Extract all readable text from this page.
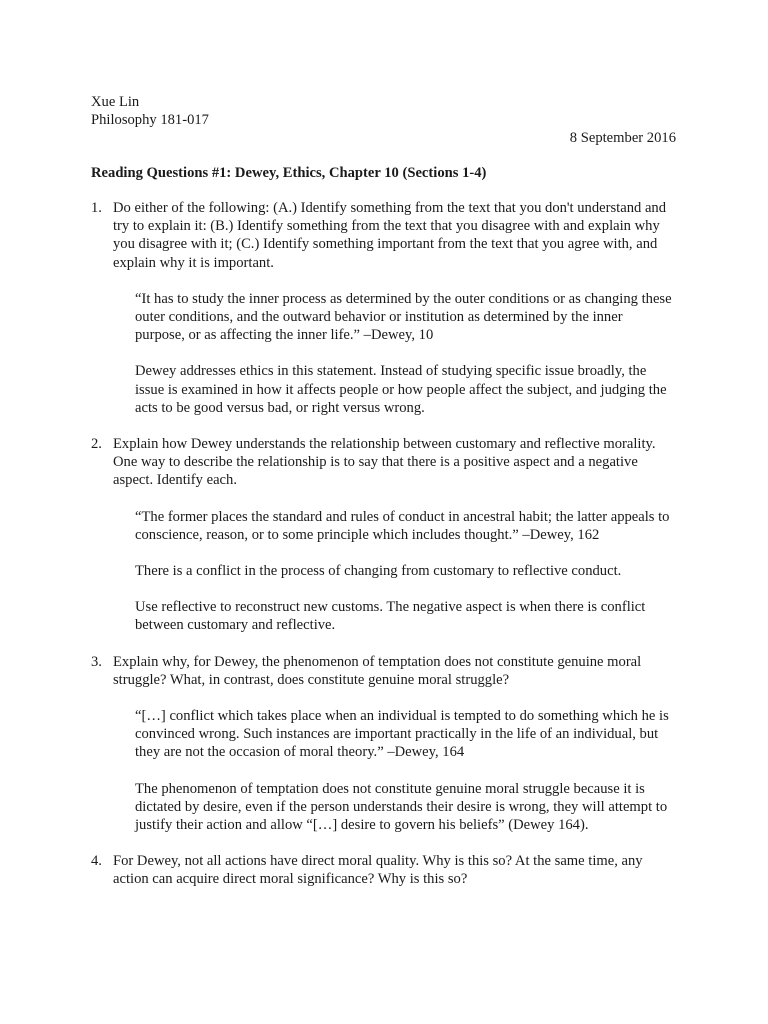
Xue Lin
Philosophy 181-017
8 September 2016
Reading Questions #1: Dewey, Ethics, Chapter 10 (Sections 1-4)
1. Do either of the following: (A.) Identify something from the text that you don't understand and try to explain it: (B.) Identify something from the text that you disagree with and explain why you disagree with it; (C.) Identify something important from the text that you agree with, and explain why it is important.

“It has to study the inner process as determined by the outer conditions or as changing these outer conditions, and the outward behavior or institution as determined by the inner purpose, or as affecting the inner life.” –Dewey, 10

Dewey addresses ethics in this statement. Instead of studying specific issue broadly, the issue is examined in how it affects people or how people affect the subject, and judging the acts to be good versus bad, or right versus wrong.

2. Explain how Dewey understands the relationship between customary and reflective morality. One way to describe the relationship is to say that there is a positive aspect and a negative aspect. Identify each.

“The former places the standard and rules of conduct in ancestral habit; the latter appeals to conscience, reason, or to some principle which includes thought.” –Dewey, 162

There is a conflict in the process of changing from customary to reflective conduct.

Use reflective to reconstruct new customs. The negative aspect is when there is conflict between customary and reflective.

3. Explain why, for Dewey, the phenomenon of temptation does not constitute genuine moral struggle? What, in contrast, does constitute genuine moral struggle?

“[…] conflict which takes place when an individual is tempted to do something which he is convinced wrong. Such instances are important practically in the life of an individual, but they are not the occasion of moral theory.” –Dewey, 164

The phenomenon of temptation does not constitute genuine moral struggle because it is dictated by desire, even if the person understands their desire is wrong, they will attempt to justify their action and allow “[…] desire to govern his beliefs” (Dewey 164).

4. For Dewey, not all actions have direct moral quality. Why is this so? At the same time, any action can acquire direct moral significance? Why is this so?
